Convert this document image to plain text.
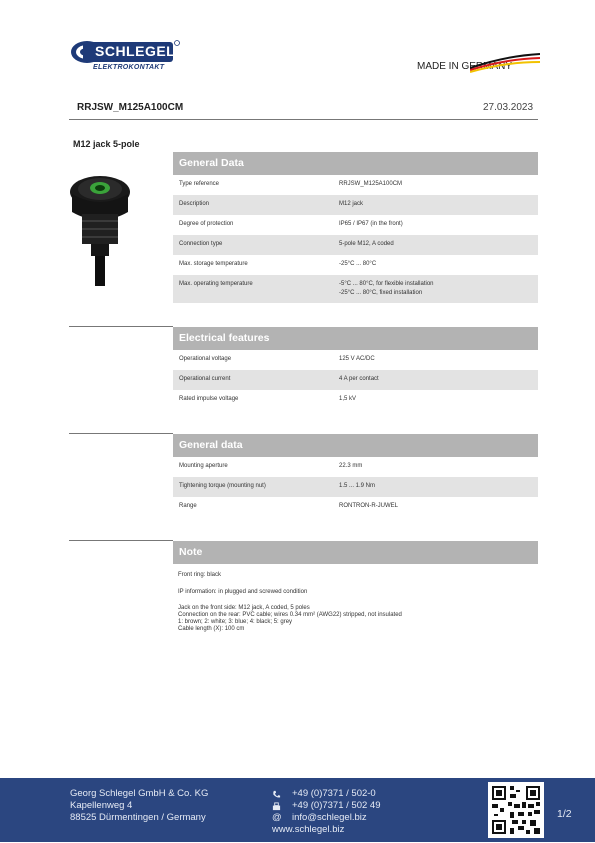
SCHLEGEL
ELEKTROKONTAKT	MADE IN GERMANY
RRJSW_M125A100CM	27.03.2023
M12 jack 5-pole
General Data
Type reference	RRJSW_M125A100CM
Description	M12 jack
Degree of protection	IP65 / IP67 (in the front)
Connection type	5-pole M12, A coded
Max. storage temperature	-25°C ... 80°C
Max. operating temperature	-5°C ... 80°C, for flexible installation
-25°C ... 80°C, fixed installation
Electrical features
Operational voltage	125 V AC/DC
Operational current	4 A per contact
Rated impulse voltage	1,5 kV
General data
Mounting aperture	22.3 mm
Tightening torque (mounting nut)	1.5 ... 1.9 Nm
Range	RONTRON-R-JUWEL
Note
Front ring: black
IP information: in plugged and screwed condition
Jack on the front side: M12 jack, A coded, 5 poles
Connection on the rear: PVC cable; wires 0.34 mm² (AWG22) stripped, not insulated
1: brown; 2: white; 3: blue; 4: black; 5: grey
Cable length (X): 100 cm
Georg Schlegel GmbH & Co. KG
Kapellenweg 4
88525 Dürmentingen / Germany
+49 (0)7371 / 502-0
+49 (0)7371 / 502 49
@ info@schlegel.biz
www.schlegel.biz
1/2
